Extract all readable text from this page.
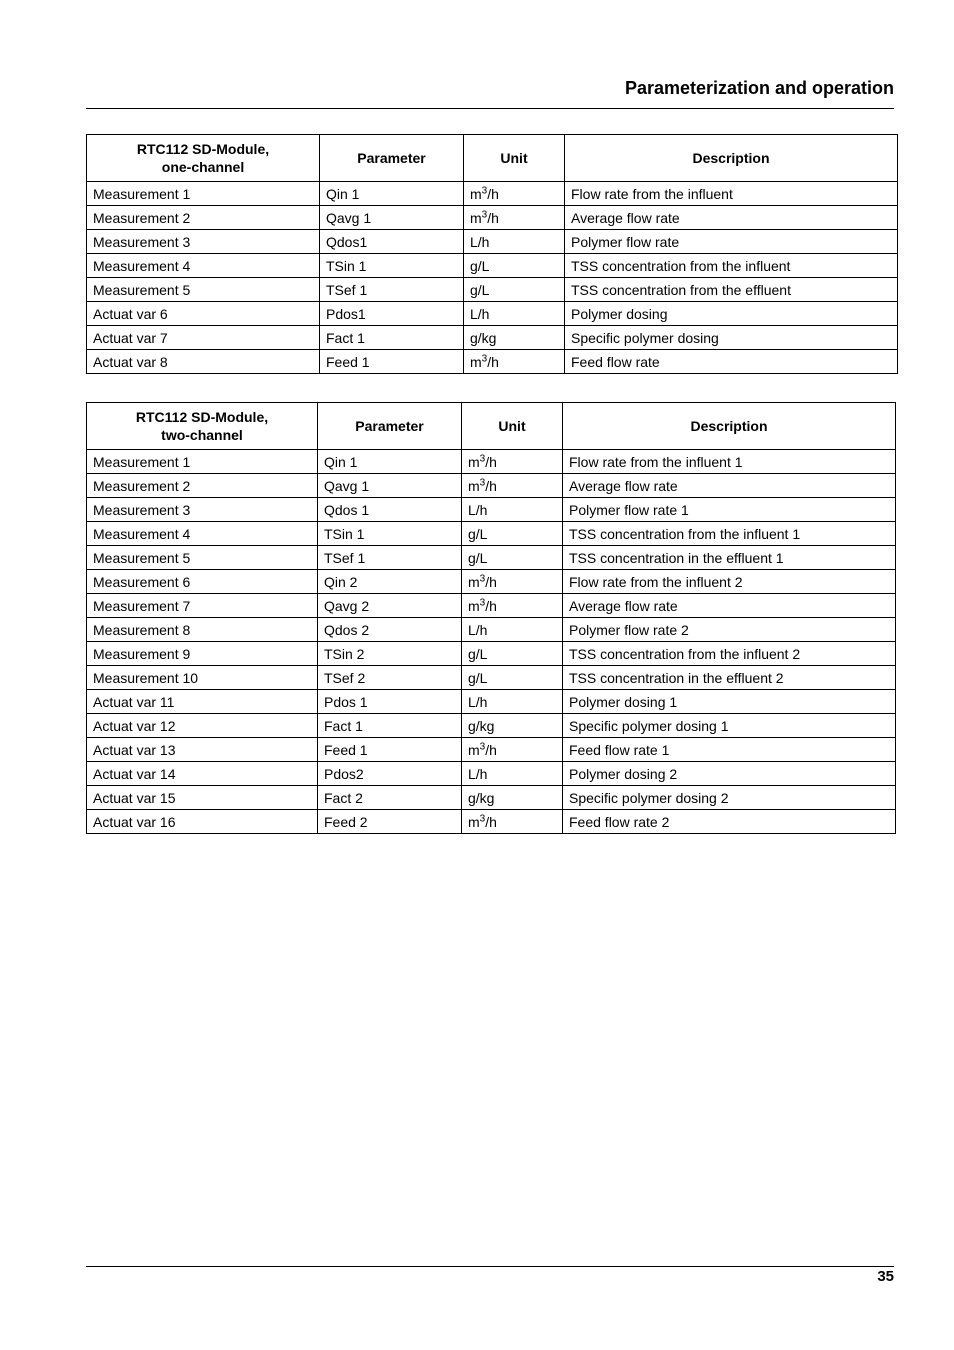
Parameterization and operation
RTC112 SD-Module,
one-channel	Parameter	Unit	Description

Measurement 1	Qin 1	$m^3/h$	Flow rate from the influent
Measurement 2	Qavg 1	$m^3/h$	Average flow rate
Measurement 3	Qdos1	L/h	Polymer flow rate
Measurement 4	TSin 1	g/L	TSS concentration from the influent
Measurement 5	TSef 1	g/L	TSS concentration from the effluent
Actuat var 6	Pdos1	L/h	Polymer dosing
Actuat var 7	Fact 1	g/kg	Specific polymer dosing
Actuat var 8	Feed 1	$m^3/h$	Feed flow rate
RTC112 SD-Module,
two-channel	Parameter	Unit	Description

Measurement 1	Qin 1	$m^3/h$	Flow rate from the influent 1
Measurement 2	Qavg 1	$m^3/h$	Average flow rate
Measurement 3	Qdos 1	L/h	Polymer flow rate 1
Measurement 4	TSin 1	g/L	TSS concentration from the influent 1
Measurement 5	TSef 1	g/L	TSS concentration in the effluent 1
Measurement 6	Qin 2	$m^3/h$	Flow rate from the influent 2
Measurement 7	Qavg 2	$m^3/h$	Average flow rate
Measurement 8	Qdos 2	L/h	Polymer flow rate 2
Measurement 9	TSin 2	g/L	TSS concentration from the influent 2
Measurement 10	TSef 2	g/L	TSS concentration in the effluent 2
Actuat var 11	Pdos 1	L/h	Polymer dosing 1
Actuat var 12	Fact 1	g/kg	Specific polymer dosing 1
Actuat var 13	Feed 1	$m^3/h$	Feed flow rate 1
Actuat var 14	Pdos2	L/h	Polymer dosing 2
Actuat var 15	Fact 2	g/kg	Specific polymer dosing 2
Actuat var 16	Feed 2	$m^3/h$	Feed flow rate 2
35
